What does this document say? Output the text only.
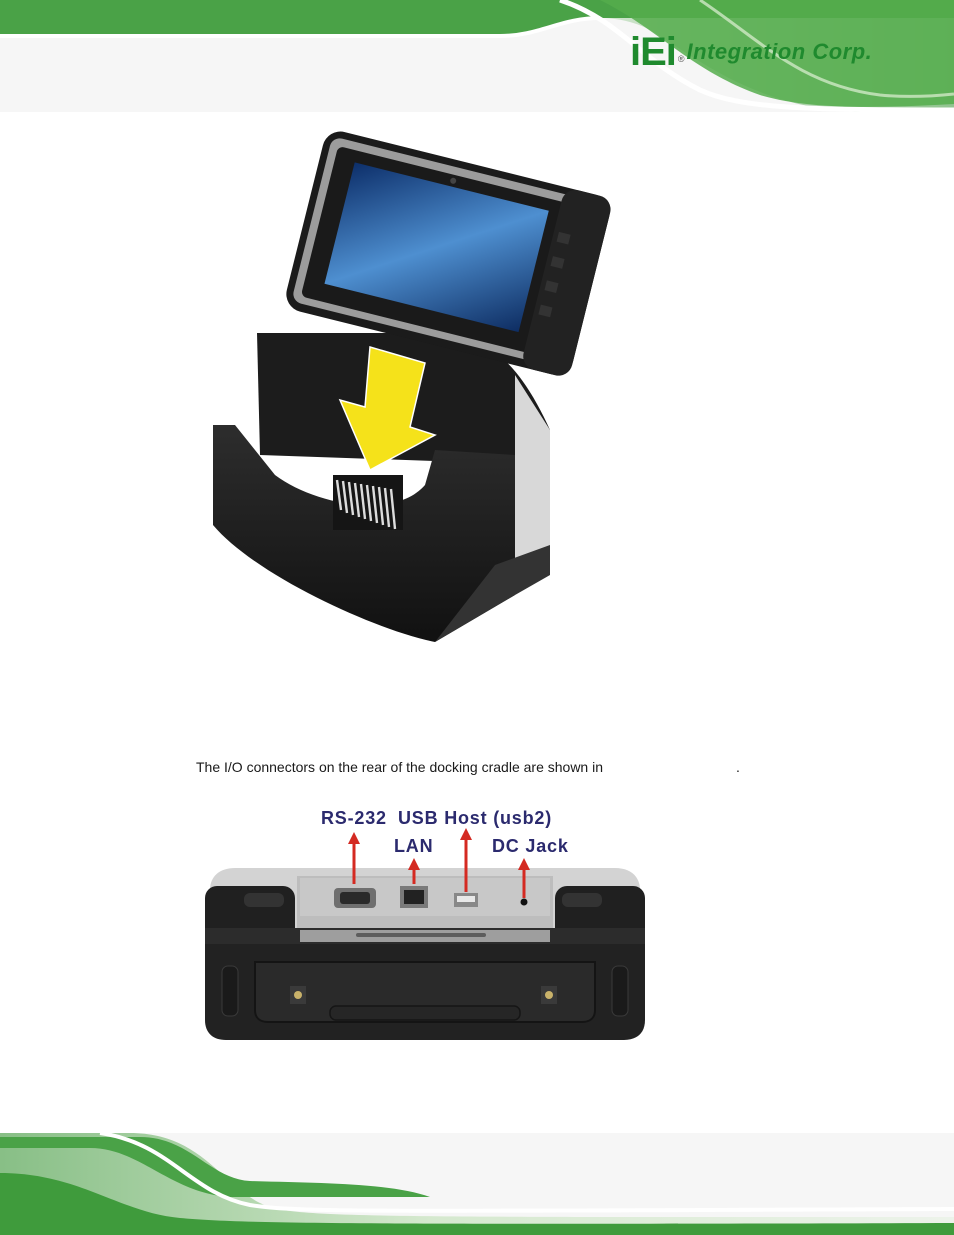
iEi ® Integration Corp.
The I/O connectors on the rear of the docking cradle are shown in	.
RS-232 USB Host (usb2)
LAN	DC Jack
